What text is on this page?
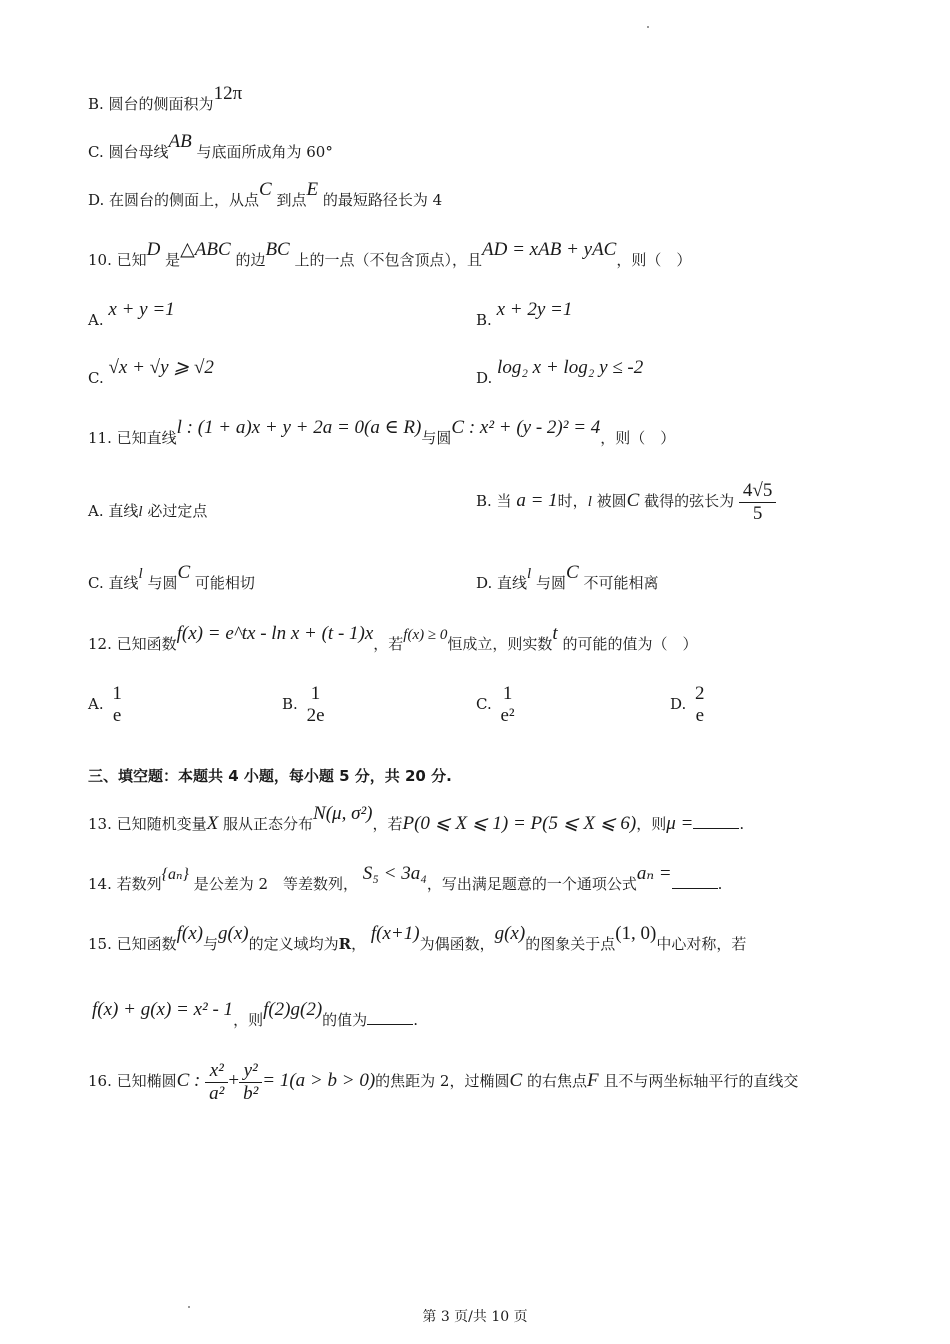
B. 圆台的侧面积为12π
C. 圆台母线AB 与底面所成角为 60°
D. 在圆台的侧面上，从点C 到点E 的最短路径长为 4
10. 已知D 是△ABC 的边BC 上的一点（不包含顶点），且AD = xAB + yAC，则（　）
A. x + y =1	B. x + 2y =1
C. √x + √y ⩾ √2	D. log₂ x + log₂ y ≤ -2
11. 已知直线l : (1 + a)x + y + 2a = 0(a ∈ R)与圆C : x² + (y - 2)² = 4，则（　）
A. 直线l 必过定点
B. 当 a = 1时，l 被圆C 截得的弦长为 $\frac{4√5}{5}$
C. 直线l 与圆C 可能相切	D. 直线l 与圆C 不可能相离
12. 已知函数f(x) = e^tx - ln x + (t - 1)x，若f(x) ≥ 0恒成立，则实数t 的可能的值为（　）
A. 1
e
B. 1
2e
C. 1
e²
D. 2
e
三、填空题：本题共 4 小题，每小题 5 分，共 20 分.
13. 已知随机变量X 服从正态分布N(μ, σ²)，若P(0 ⩽ X ⩽ 1) = P(5 ⩽ X ⩽ 6)，则μ =	.
14. 若数列{aₙ} 是公差为 2　等差数列， S₅ < 3a₄，写出满足题意的一个通项公式aₙ =	.
15. 已知函数f(x)与g(x)的定义域均为R， f(x+1)为偶函数，g(x)的图象关于点(1, 0)中心对称，若
f(x) + g(x) = x² - 1，则f(2)g(2)的值为	.
16. 已知椭圆C : $\frac{\text{x²}}{\text{a²}} + \frac{\text{y²}}{\text{b²}} = 1(a > b > 0)$的焦距为 2，过椭圆C 的右焦点F 且不与两坐标轴平行的直线交
第 3 页/共 10 页
